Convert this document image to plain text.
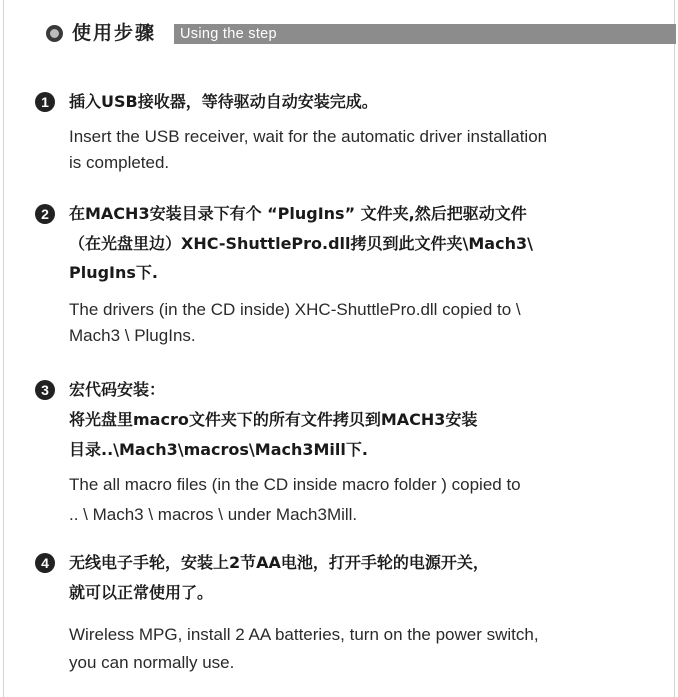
使用步骤 Using the step
1	插入USB接收器，等待驱动自动安装完成。
Insert the USB receiver, wait for the automatic driver installation
is completed.
2	在MACH3安装目录下有个 “PlugIns” 文件夹,然后把驱动文件
（在光盘里边）XHC-ShuttlePro.dll拷贝到此文件夹\Mach3\
PlugIns下.
The drivers (in the CD inside) XHC-ShuttlePro.dll copied to \
Mach3 \ PlugIns.
3	宏代码安装：
将光盘里macro文件夹下的所有文件拷贝到MACH3安装
目录..\Mach3\macros\Mach3Mill下.
The all macro files (in the CD inside macro folder ) copied to
.. \ Mach3 \ macros \ under Mach3Mill.
4	无线电子手轮，安装上2节AA电池，打开手轮的电源开关，
就可以正常使用了。
Wireless MPG, install 2 AA batteries, turn on the power switch,
you can normally use.
